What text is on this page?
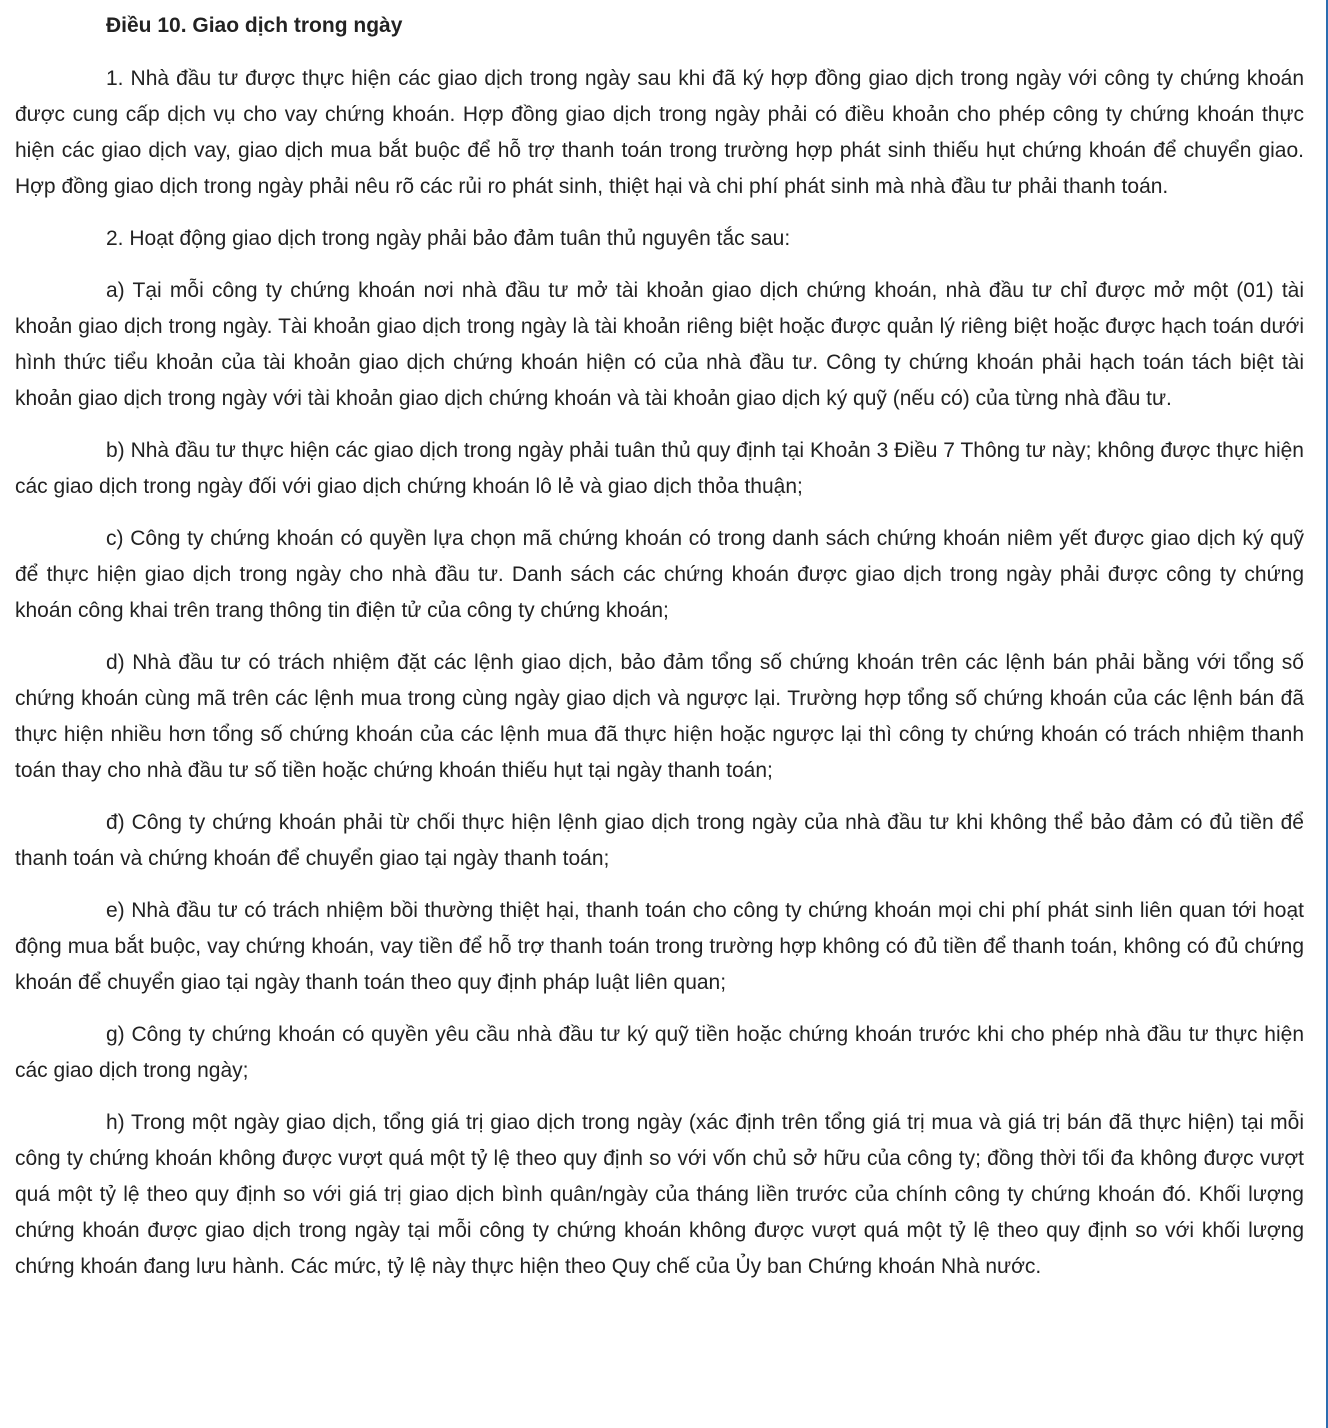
Điều 10. Giao dịch trong ngày

1. Nhà đầu tư được thực hiện các giao dịch trong ngày sau khi đã ký hợp đồng giao dịch trong ngày với công ty chứng khoán được cung cấp dịch vụ cho vay chứng khoán. Hợp đồng giao dịch trong ngày phải có điều khoản cho phép công ty chứng khoán thực hiện các giao dịch vay, giao dịch mua bắt buộc để hỗ trợ thanh toán trong trường hợp phát sinh thiếu hụt chứng khoán để chuyển giao. Hợp đồng giao dịch trong ngày phải nêu rõ các rủi ro phát sinh, thiệt hại và chi phí phát sinh mà nhà đầu tư phải thanh toán.

2. Hoạt động giao dịch trong ngày phải bảo đảm tuân thủ nguyên tắc sau:

a) Tại mỗi công ty chứng khoán nơi nhà đầu tư mở tài khoản giao dịch chứng khoán, nhà đầu tư chỉ được mở một (01) tài khoản giao dịch trong ngày. Tài khoản giao dịch trong ngày là tài khoản riêng biệt hoặc được quản lý riêng biệt hoặc được hạch toán dưới hình thức tiểu khoản của tài khoản giao dịch chứng khoán hiện có của nhà đầu tư. Công ty chứng khoán phải hạch toán tách biệt tài khoản giao dịch trong ngày với tài khoản giao dịch chứng khoán và tài khoản giao dịch ký quỹ (nếu có) của từng nhà đầu tư.

b) Nhà đầu tư thực hiện các giao dịch trong ngày phải tuân thủ quy định tại Khoản 3 Điều 7 Thông tư này; không được thực hiện các giao dịch trong ngày đối với giao dịch chứng khoán lô lẻ và giao dịch thỏa thuận;

c) Công ty chứng khoán có quyền lựa chọn mã chứng khoán có trong danh sách chứng khoán niêm yết được giao dịch ký quỹ để thực hiện giao dịch trong ngày cho nhà đầu tư. Danh sách các chứng khoán được giao dịch trong ngày phải được công ty chứng khoán công khai trên trang thông tin điện tử của công ty chứng khoán;

d) Nhà đầu tư có trách nhiệm đặt các lệnh giao dịch, bảo đảm tổng số chứng khoán trên các lệnh bán phải bằng với tổng số chứng khoán cùng mã trên các lệnh mua trong cùng ngày giao dịch và ngược lại. Trường hợp tổng số chứng khoán của các lệnh bán đã thực hiện nhiều hơn tổng số chứng khoán của các lệnh mua đã thực hiện hoặc ngược lại thì công ty chứng khoán có trách nhiệm thanh toán thay cho nhà đầu tư số tiền hoặc chứng khoán thiếu hụt tại ngày thanh toán;

đ) Công ty chứng khoán phải từ chối thực hiện lệnh giao dịch trong ngày của nhà đầu tư khi không thể bảo đảm có đủ tiền để thanh toán và chứng khoán để chuyển giao tại ngày thanh toán;

e) Nhà đầu tư có trách nhiệm bồi thường thiệt hại, thanh toán cho công ty chứng khoán mọi chi phí phát sinh liên quan tới hoạt động mua bắt buộc, vay chứng khoán, vay tiền để hỗ trợ thanh toán trong trường hợp không có đủ tiền để thanh toán, không có đủ chứng khoán để chuyển giao tại ngày thanh toán theo quy định pháp luật liên quan;

g) Công ty chứng khoán có quyền yêu cầu nhà đầu tư ký quỹ tiền hoặc chứng khoán trước khi cho phép nhà đầu tư thực hiện các giao dịch trong ngày;

h) Trong một ngày giao dịch, tổng giá trị giao dịch trong ngày (xác định trên tổng giá trị mua và giá trị bán đã thực hiện) tại mỗi công ty chứng khoán không được vượt quá một tỷ lệ theo quy định so với vốn chủ sở hữu của công ty; đồng thời tối đa không được vượt quá một tỷ lệ theo quy định so với giá trị giao dịch bình quân/ngày của tháng liền trước của chính công ty chứng khoán đó. Khối lượng chứng khoán được giao dịch trong ngày tại mỗi công ty chứng khoán không được vượt quá một tỷ lệ theo quy định so với khối lượng chứng khoán đang lưu hành. Các mức, tỷ lệ này thực hiện theo Quy chế của Ủy ban Chứng khoán Nhà nước.
